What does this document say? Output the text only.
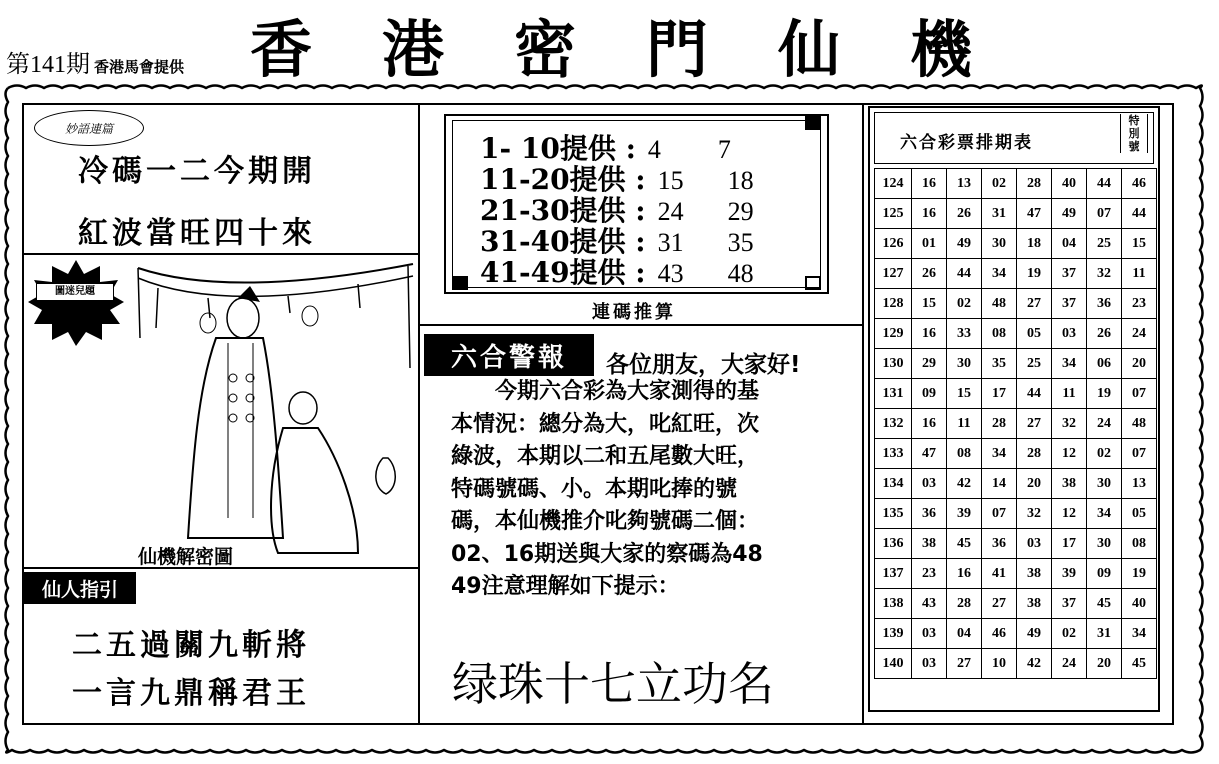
第141期 香港馬會提供 香港密門仙機
妙語連篇
冷碼一二今期開
紅波當旺四十來
圖迷兒題
仙機解密圖
仙人指引
二五過關九斬將
一言九鼎稱君王
1- 10提供 : 4 7
11-20提供 : 15 18
21-30提供 : 24 29
31-40提供 : 31 35
41-49提供 : 43 48
連碼推算
六合警報	各位朋友，大家好!
　　今期六合彩為大家測得的基
本情況：總分為大，叱紅旺，次
綠波，本期以二和五尾數大旺，
特碼號碼、小。本期叱捧的號
碼，本仙機推介叱夠號碼二個：
02、16期送與大家的察碼為48
49注意理解如下提示：
绿珠十七立功名
六合彩票排期表
特別號
124	16	13	02	28	40	44	46
125	16	26	31	47	49	07	44
126	01	49	30	18	04	25	15
127	26	44	34	19	37	32	11
128	15	02	48	27	37	36	23
129	16	33	08	05	03	26	24
130	29	30	35	25	34	06	20
131	09	15	17	44	11	19	07
132	16	11	28	27	32	24	48
133	47	08	34	28	12	02	07
134	03	42	14	20	38	30	13
135	36	39	07	32	12	34	05
136	38	45	36	03	17	30	08
137	23	16	41	38	39	09	19
138	43	28	27	38	37	45	40
139	03	04	46	49	02	31	34
140	03	27	10	42	24	20	45
